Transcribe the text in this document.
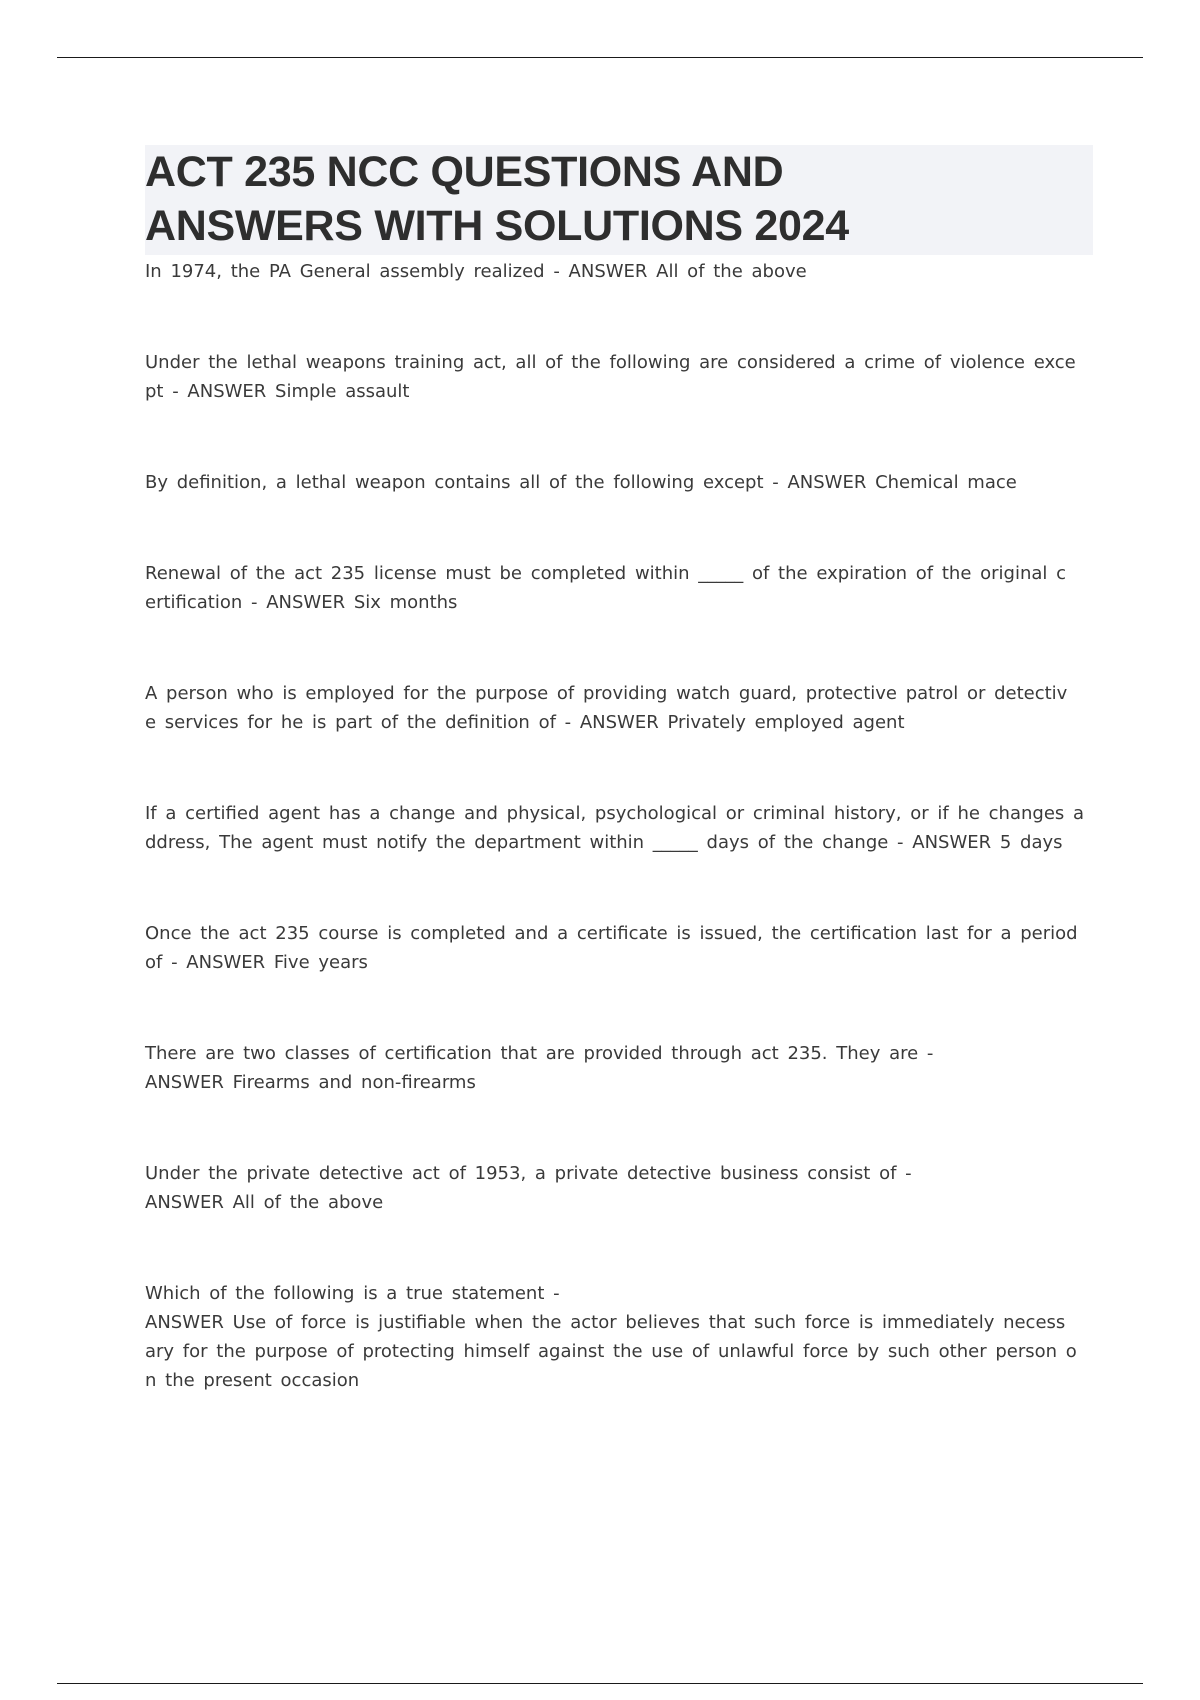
ACT 235 NCC QUESTIONS AND
ANSWERS WITH SOLUTIONS 2024
In 1974, the PA General assembly realized - ANSWER All of the above
Under the lethal weapons training act, all of the following are considered a crime of violence exce
pt - ANSWER Simple assault
By definition, a lethal weapon contains all of the following except - ANSWER Chemical mace
Renewal of the act 235 license must be completed within _____ of the expiration of the original c
ertification - ANSWER Six months
A person who is employed for the purpose of providing watch guard, protective patrol or detectiv
e services for he is part of the definition of - ANSWER Privately employed agent
If a certified agent has a change and physical, psychological or criminal history, or if he changes a
ddress, The agent must notify the department within _____ days of the change - ANSWER 5 days
Once the act 235 course is completed and a certificate is issued, the certification last for a period
of - ANSWER Five years
There are two classes of certification that are provided through act 235. They are -
ANSWER Firearms and non-firearms
Under the private detective act of 1953, a private detective business consist of -
ANSWER All of the above
Which of the following is a true statement -
ANSWER Use of force is justifiable when the actor believes that such force is immediately necess
ary for the purpose of protecting himself against the use of unlawful force by such other person o
n the present occasion
